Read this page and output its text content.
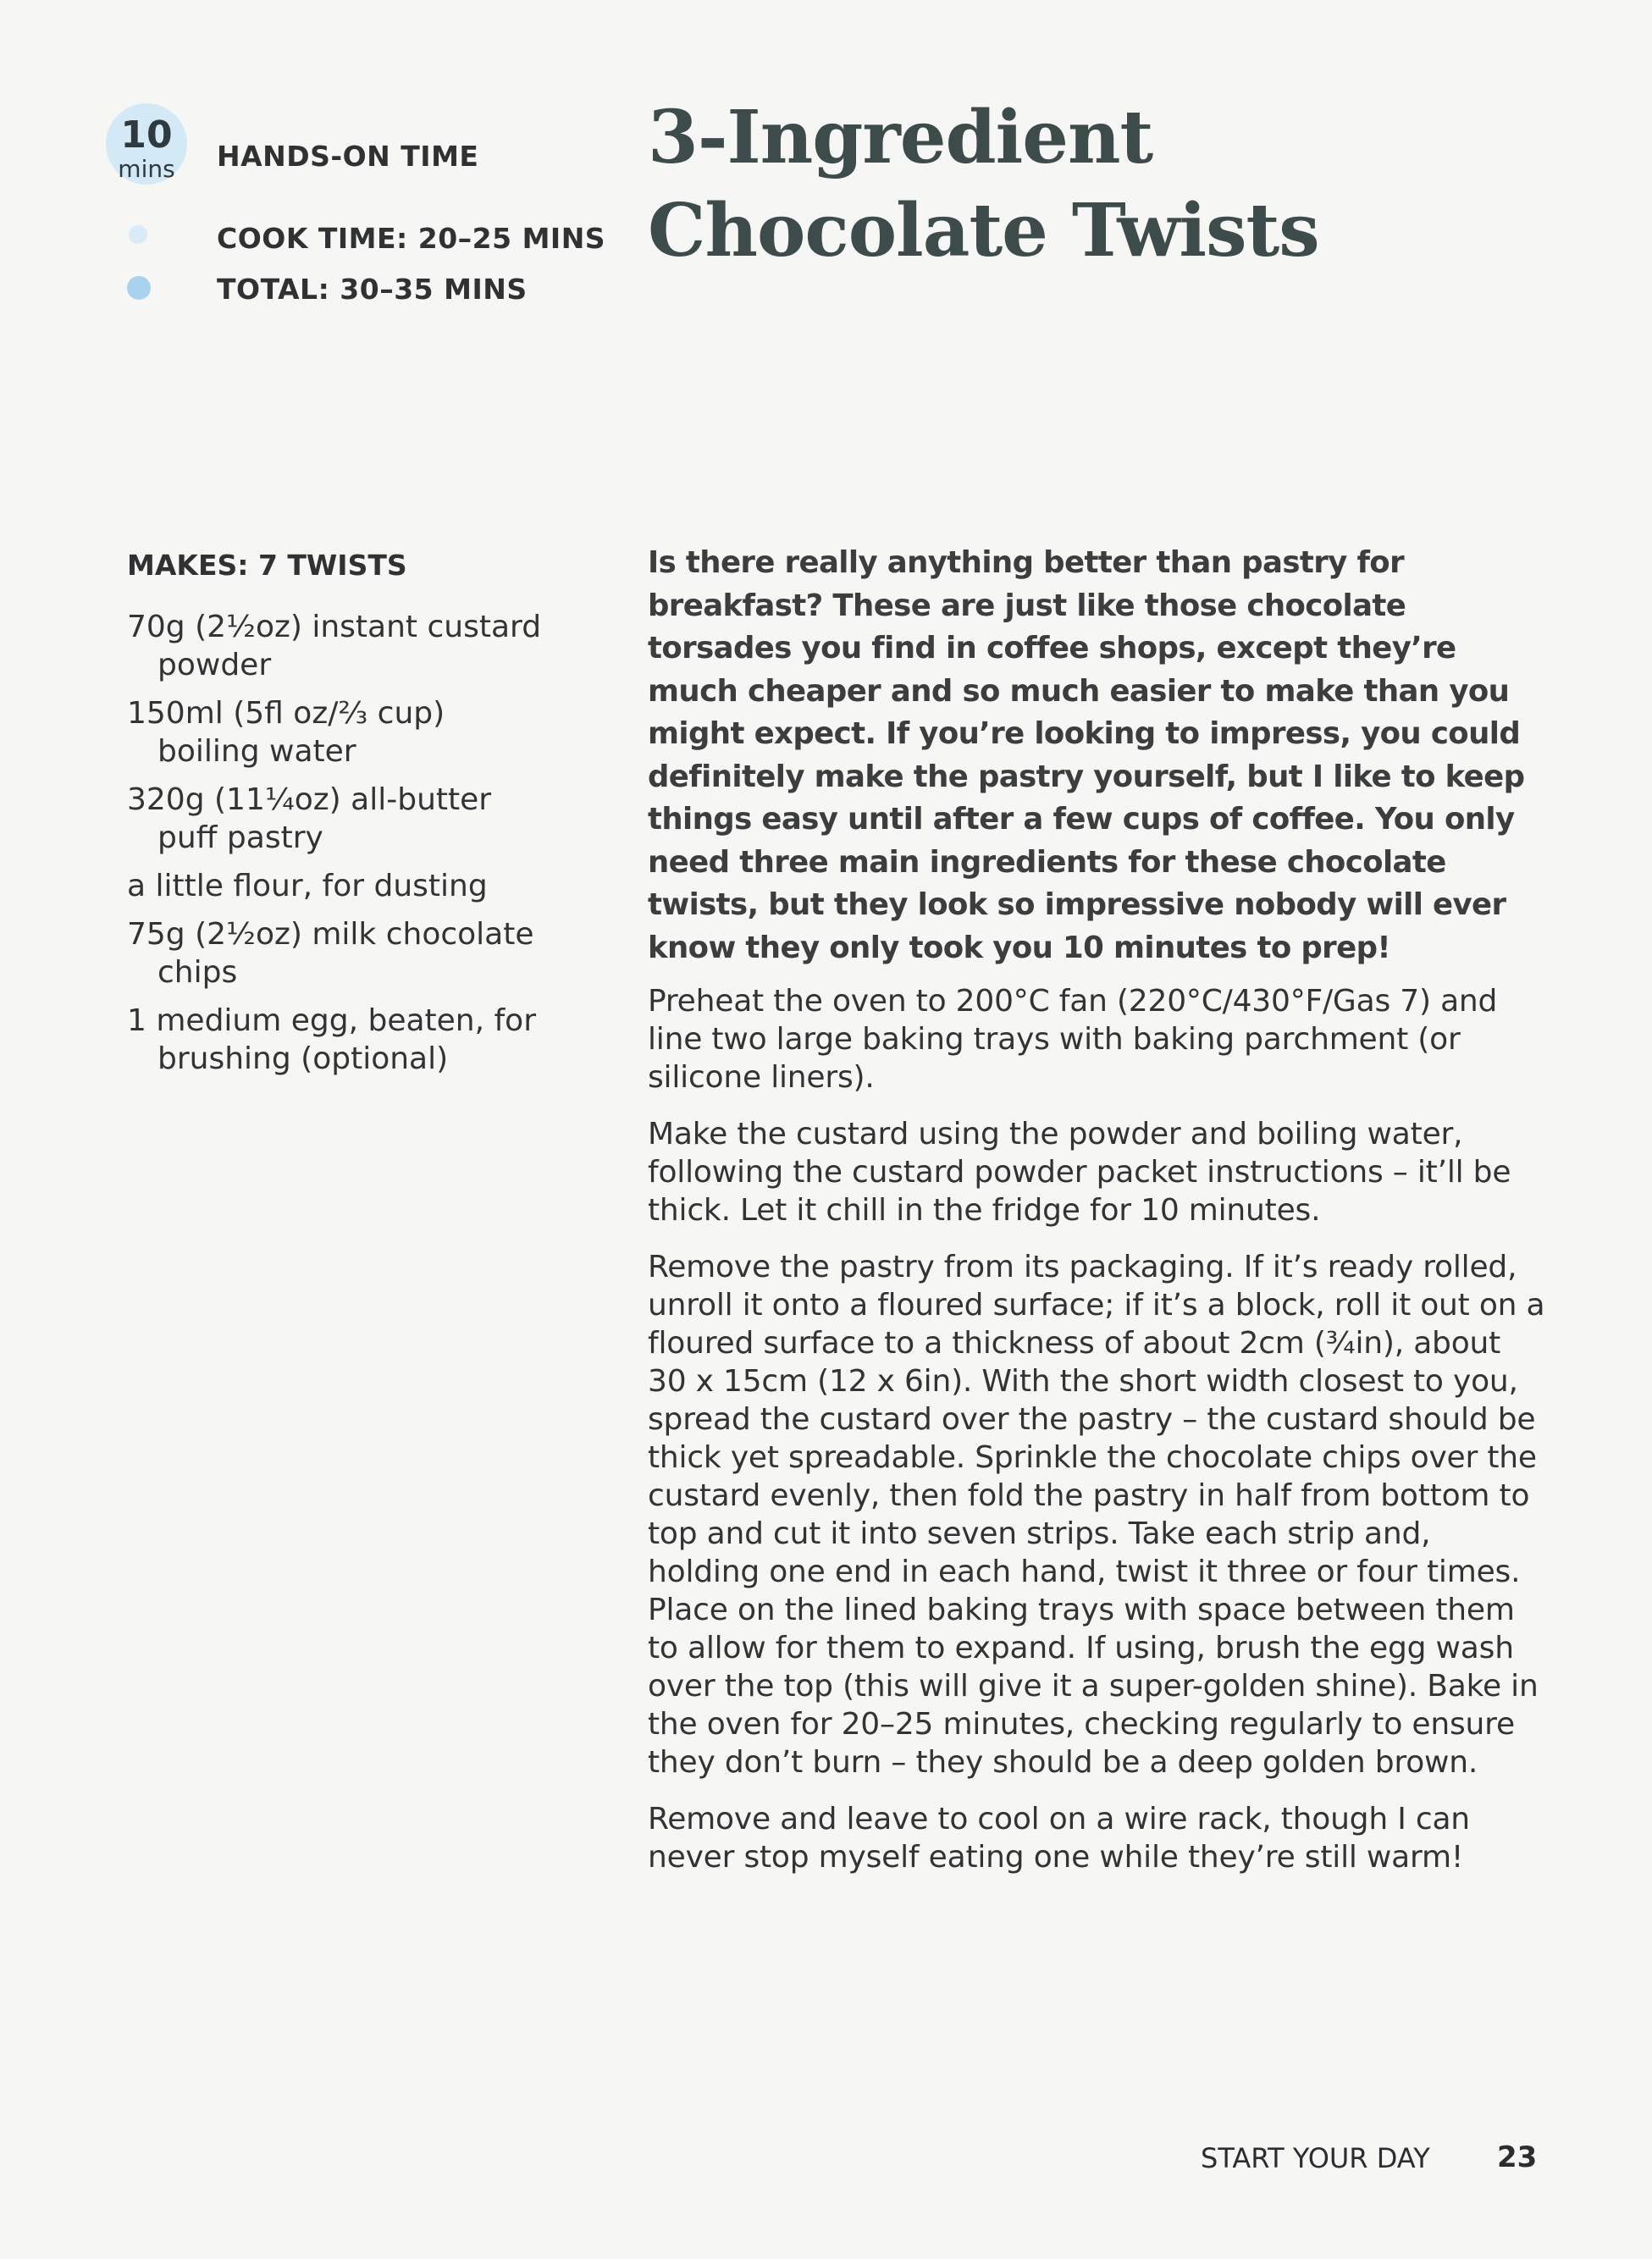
10
mins	HANDS-ON TIME
COOK TIME: 20–25 MINS
TOTAL: 30–35 MINS
3-Ingredient
Chocolate Twists
MAKES: 7 TWISTS
70g (2½oz) instant custard powder
150ml (5fl oz/⅔ cup) boiling water
320g (11¼oz) all-butter puff pastry
a little flour, for dusting
75g (2½oz) milk chocolate chips
1 medium egg, beaten, for brushing (optional)

Is there really anything better than pastry for breakfast? These are just like those chocolate torsades you find in coffee shops, except they’re much cheaper and so much easier to make than you might expect. If you’re looking to impress, you could definitely make the pastry yourself, but I like to keep things easy until after a few cups of coffee. You only need three main ingredients for these chocolate twists, but they look so impressive nobody will ever know they only took you 10 minutes to prep!

Preheat the oven to 200°C fan (220°C/430°F/Gas 7) and line two large baking trays with baking parchment (or silicone liners).

Make the custard using the powder and boiling water, following the custard powder packet instructions – it’ll be thick. Let it chill in the fridge for 10 minutes.

Remove the pastry from its packaging. If it’s ready rolled, unroll it onto a floured surface; if it’s a block, roll it out on a floured surface to a thickness of about 2cm (¾in), about 30 x 15cm (12 x 6in). With the short width closest to you, spread the custard over the pastry – the custard should be thick yet spreadable. Sprinkle the chocolate chips over the custard evenly, then fold the pastry in half from bottom to top and cut it into seven strips. Take each strip and, holding one end in each hand, twist it three or four times. Place on the lined baking trays with space between them to allow for them to expand. If using, brush the egg wash over the top (this will give it a super-golden shine). Bake in the oven for 20–25 minutes, checking regularly to ensure they don’t burn – they should be a deep golden brown.

Remove and leave to cool on a wire rack, though I can never stop myself eating one while they’re still warm!

START YOUR DAY 23
